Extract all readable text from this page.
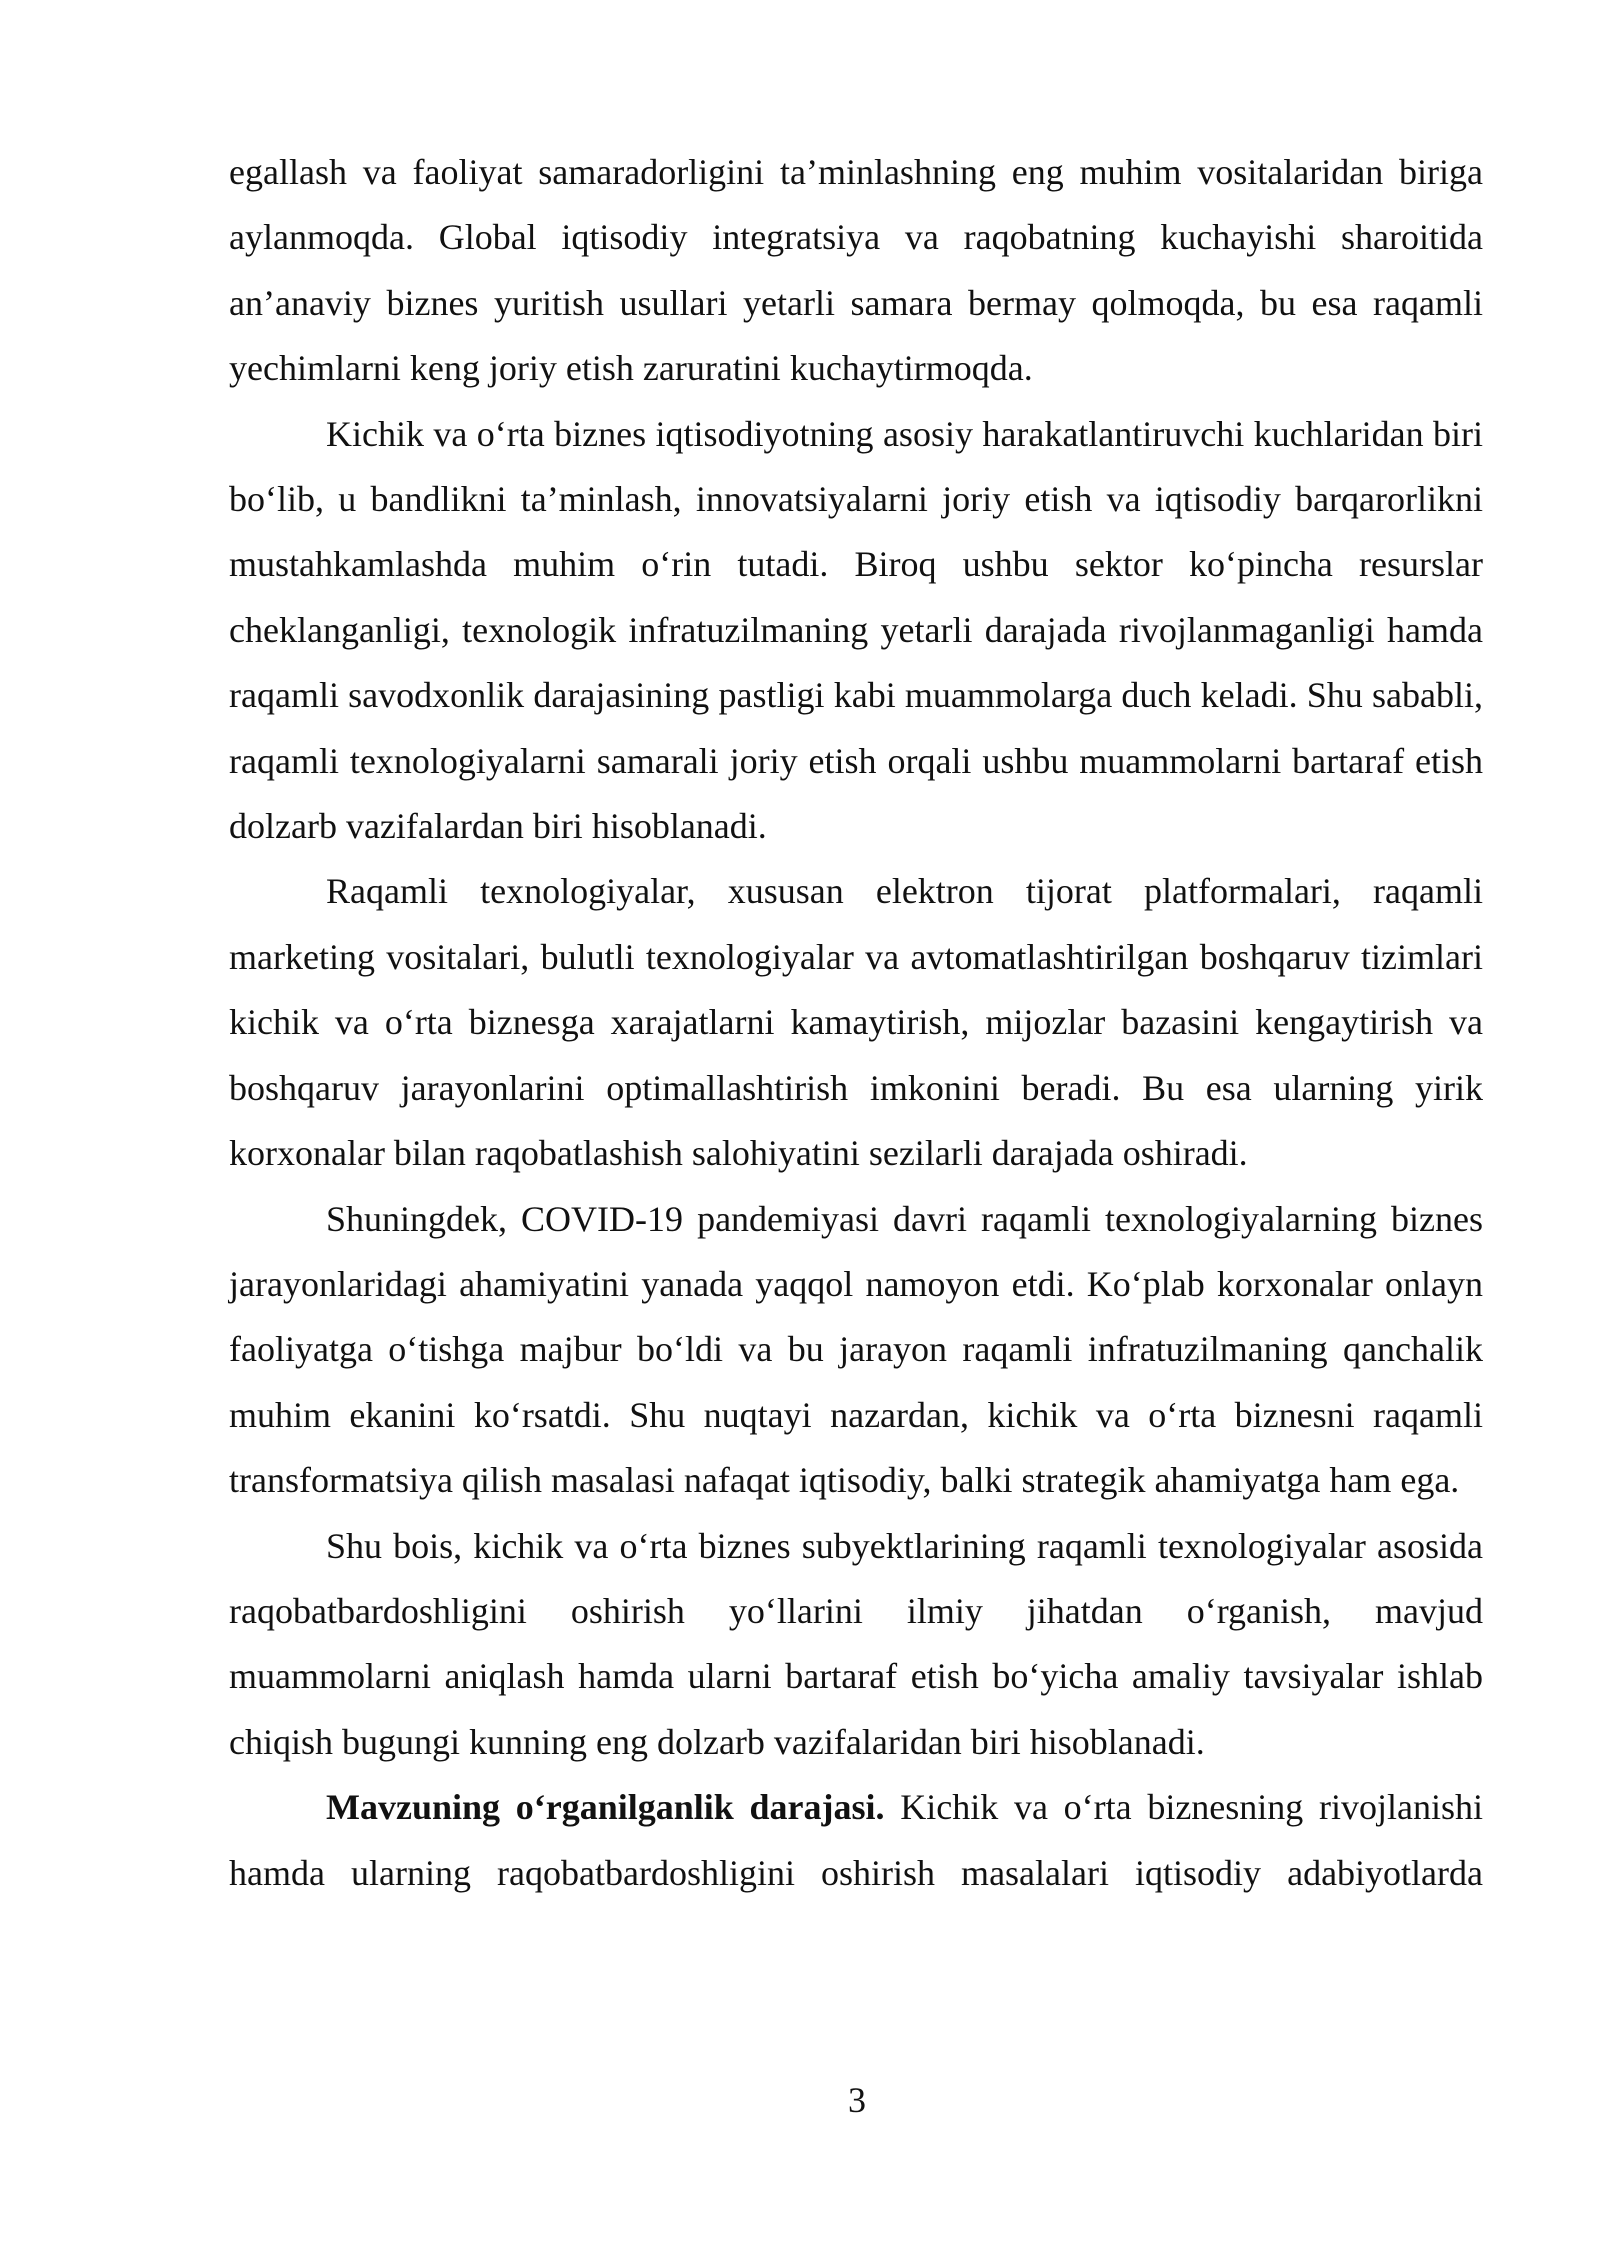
egallash va faoliyat samaradorligini ta’minlashning eng muhim vositalaridan biriga aylanmoqda. Global iqtisodiy integratsiya va raqobatning kuchayishi sharoitida an’anaviy biznes yuritish usullari yetarli samara bermay qolmoqda, bu esa raqamli yechimlarni keng joriy etish zaruratini kuchaytirmoqda.

Kichik va o‘rta biznes iqtisodiyotning asosiy harakatlantiruvchi kuchlaridan biri bo‘lib, u bandlikni ta’minlash, innovatsiyalarni joriy etish va iqtisodiy barqarorlikni mustahkamlashda muhim o‘rin tutadi. Biroq ushbu sektor ko‘pincha resurslar cheklanganligi, texnologik infratuzilmaning yetarli darajada rivojlanmaganligi hamda raqamli savodxonlik darajasining pastligi kabi muammolarga duch keladi. Shu sababli, raqamli texnologiyalarni samarali joriy etish orqali ushbu muammolarni bartaraf etish dolzarb vazifalardan biri hisoblanadi.

Raqamli texnologiyalar, xususan elektron tijorat platformalari, raqamli marketing vositalari, bulutli texnologiyalar va avtomatlashtirilgan boshqaruv tizimlari kichik va o‘rta biznesga xarajatlarni kamaytirish, mijozlar bazasini kengaytirish va boshqaruv jarayonlarini optimallashtirish imkonini beradi. Bu esa ularning yirik korxonalar bilan raqobatlashish salohiyatini sezilarli darajada oshiradi.

Shuningdek, COVID-19 pandemiyasi davri raqamli texnologiyalarning biznes jarayonlaridagi ahamiyatini yanada yaqqol namoyon etdi. Ko‘plab korxonalar onlayn faoliyatga o‘tishga majbur bo‘ldi va bu jarayon raqamli infratuzilmaning qanchalik muhim ekanini ko‘rsatdi. Shu nuqtayi nazardan, kichik va o‘rta biznesni raqamli transformatsiya qilish masalasi nafaqat iqtisodiy, balki strategik ahamiyatga ham ega.

Shu bois, kichik va o‘rta biznes subyektlarining raqamli texnologiyalar asosida raqobatbardoshligini oshirish yo‘llarini ilmiy jihatdan o‘rganish, mavjud muammolarni aniqlash hamda ularni bartaraf etish bo‘yicha amaliy tavsiyalar ishlab chiqish bugungi kunning eng dolzarb vazifalaridan biri hisoblanadi.

Mavzuning o‘rganilganlik darajasi. Kichik va o‘rta biznesning rivojlanishi hamda ularning raqobatbardoshligini oshirish masalalari iqtisodiy adabiyotlarda

3
